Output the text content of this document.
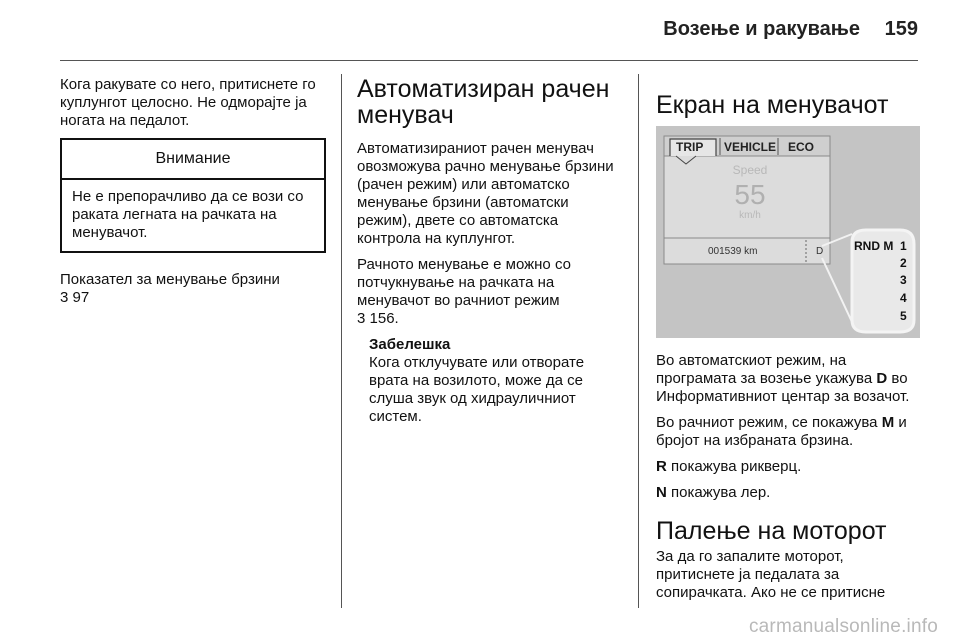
Возење и ракување 159

Кога ракувате со него, притиснете го куплунгот целосно. Не одморајте ја ногата на педалот.

Внимание
Не е препорачливо да се вози со раката легната на рачката на менувачот.

Показател за менување брзини

3 97

Автоматизиран рачен менувач

Автоматизираниот рачен менувач овозможува рачно менување брзини (рачен режим) или автоматско менување брзини (автоматски режим), двете со автоматска контрола на куплунгот.

Рачното менување е можно со потчукнување на рачката на менувачот во рачниот режим

3 156.

Забелешка
Кога отклучувате или отворате врата на возилото, може да се слуша звук од хидрауличниот систем.
Екран на менувачот
TRIP VEHICLE ECO
Speed
55
km/h
001539 km	D	RND M 1
2
3
4
5

Во автоматскиот режим, на програмата за возење укажува D во Информативниот центар за возачот.

Во рачниот режим, се покажува M и бројот на избраната брзина.

R покажува рикверц.

N покажува лер.

Палење на моторот

За да го запалите моторот, притиснете ја педалата за сопирачката. Ако не се притисне

carmanualsonline.info
